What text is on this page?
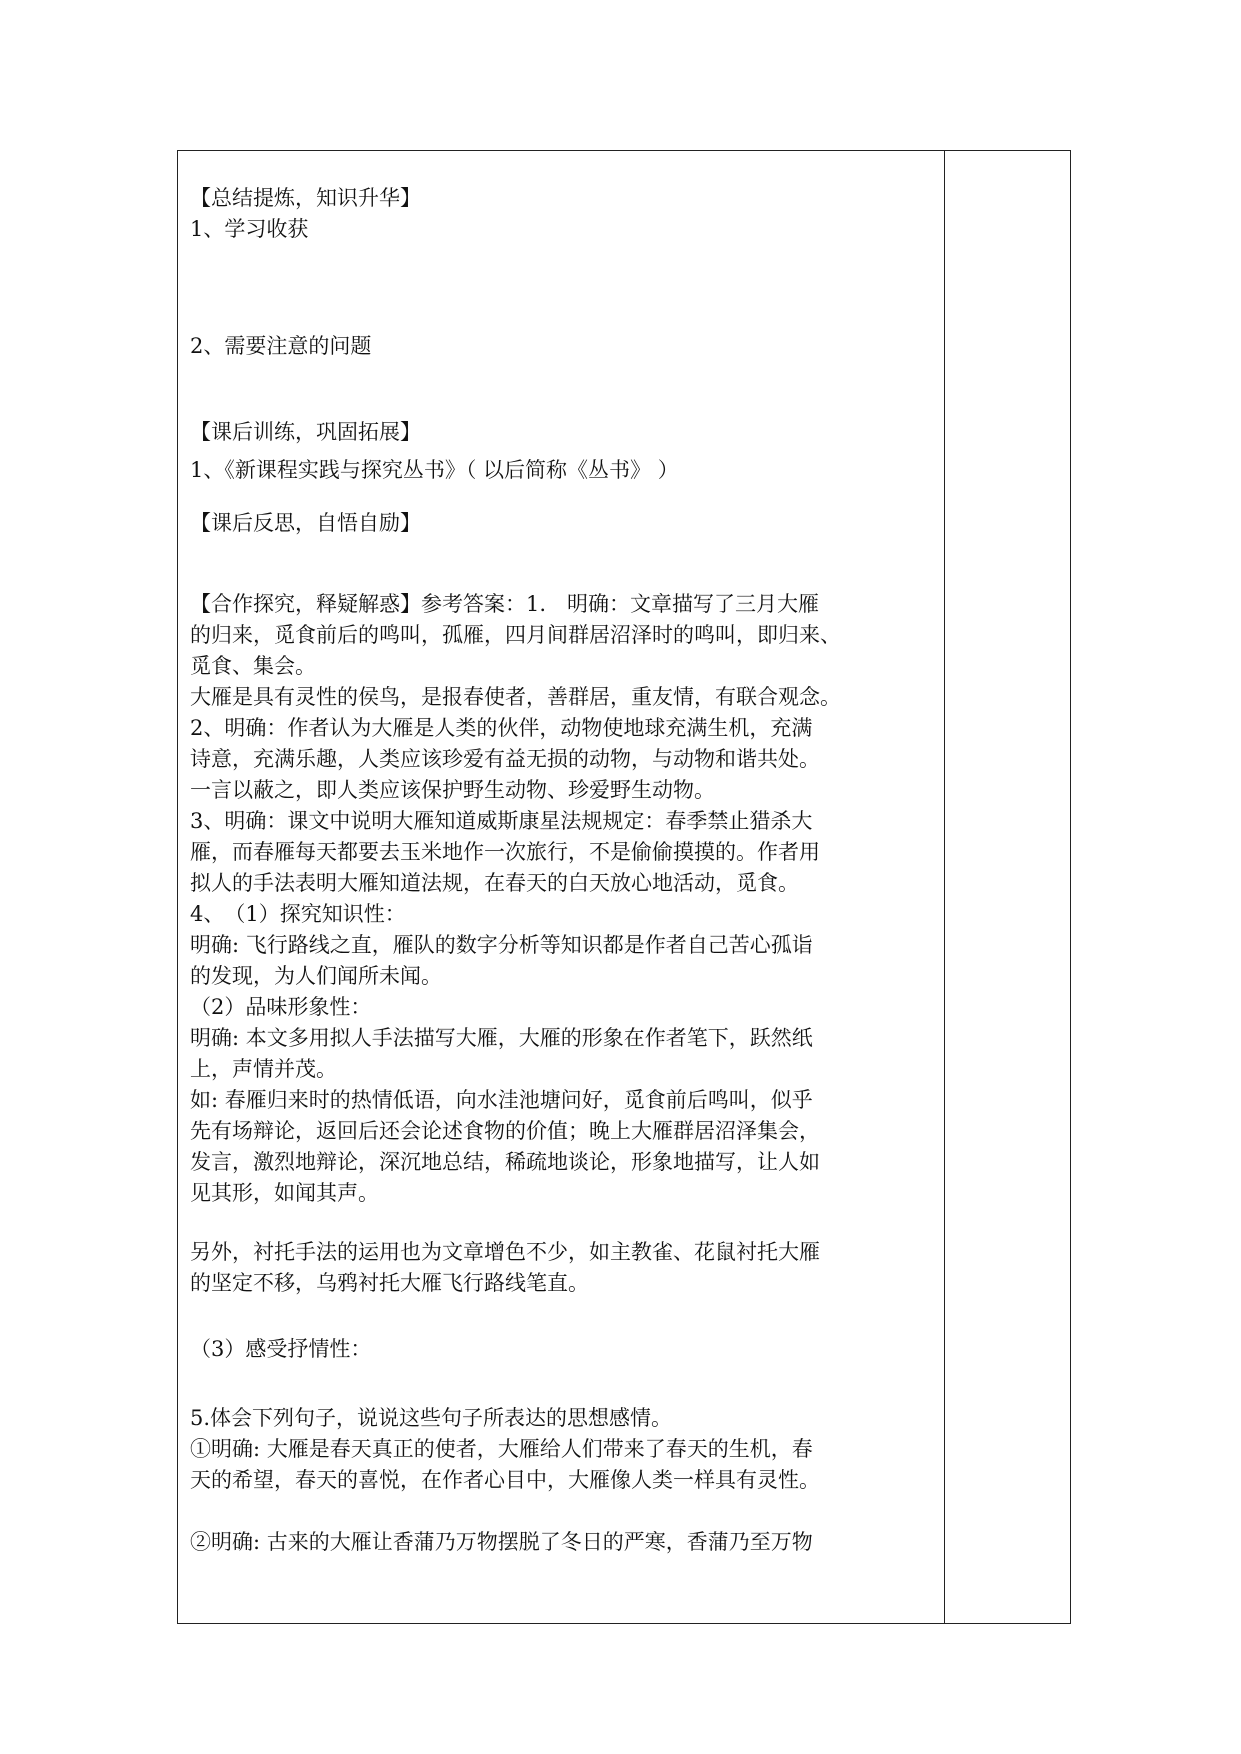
【总结提炼，知识升华】
1、学习收获
2、需要注意的问题
【课后训练，巩固拓展】
1、《新课程实践与探究丛书》（ 以后简称《丛书》 ）
【课后反思，自悟自励】
【合作探究，释疑解惑】参考答案：1.　明确：文章描写了三月大雁
的归来，觅食前后的鸣叫，孤雁，四月间群居沼泽时的鸣叫，即归来、
觅食、集会。
大雁是具有灵性的侯鸟，是报春使者，善群居，重友情，有联合观念。
2、明确：作者认为大雁是人类的伙伴，动物使地球充满生机，充满
诗意，充满乐趣，人类应该珍爱有益无损的动物，与动物和谐共处。
一言以蔽之，即人类应该保护野生动物、珍爱野生动物。
3、明确：课文中说明大雁知道威斯康星法规规定：春季禁止猎杀大
雁，而春雁每天都要去玉米地作一次旅行，不是偷偷摸摸的。作者用
拟人的手法表明大雁知道法规，在春天的白天放心地活动，觅食。
4、　（1）探究知识性：
明确: 飞行路线之直，雁队的数字分析等知识都是作者自己苦心孤诣
的发现，为人们闻所未闻。
（2）品味形象性：
明确: 本文多用拟人手法描写大雁，大雁的形象在作者笔下，跃然纸
上，声情并茂。
如: 春雁归来时的热情低语，向水洼池塘问好，觅食前后鸣叫，似乎
先有场辩论，返回后还会论述食物的价值；晚上大雁群居沼泽集会，
发言，激烈地辩论，深沉地总结，稀疏地谈论，形象地描写，让人如
见其形，如闻其声。
另外，衬托手法的运用也为文章增色不少，如主教雀、花鼠衬托大雁
的坚定不移，乌鸦衬托大雁飞行路线笔直。
（3）感受抒情性：
5.体会下列句子，说说这些句子所表达的思想感情。
①明确: 大雁是春天真正的使者，大雁给人们带来了春天的生机，春
天的希望，春天的喜悦，在作者心目中，大雁像人类一样具有灵性。
②明确: 古来的大雁让香蒲乃万物摆脱了冬日的严寒，香蒲乃至万物
